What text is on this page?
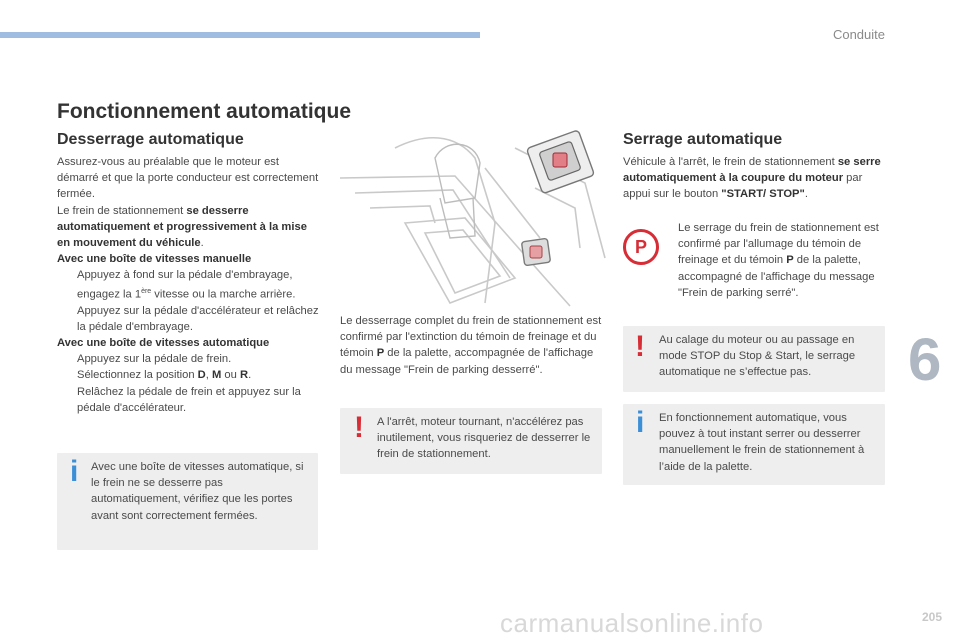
Conduite
6
205
carmanualsonline.info
Fonctionnement automatique
Desserrage automatique
Assurez-vous au préalable que le moteur est démarré et que la porte conducteur est correctement fermée.
Le frein de stationnement se desserre automatiquement et progressivement à la mise en mouvement du véhicule.
Avec une boîte de vitesses manuelle
Appuyez à fond sur la pédale d'embrayage, engagez la 1ère vitesse ou la marche arrière.
Appuyez sur la pédale d'accélérateur et relâchez la pédale d'embrayage.
Avec une boîte de vitesses automatique
Appuyez sur la pédale de frein.
Sélectionnez la position D, M ou R.
Relâchez la pédale de frein et appuyez sur la pédale d'accélérateur.
i Avec une boîte de vitesses automatique, si le frein ne se desserre pas automatiquement, vérifiez que les portes avant sont correctement fermées.
Le desserrage complet du frein de stationnement est confirmé par l'extinction du témoin de freinage et du témoin P de la palette, accompagnée de l'affichage du message "Frein de parking desserré".
! A l'arrêt, moteur tournant, n'accélérez pas inutilement, vous risqueriez de desserrer le frein de stationnement.
Serrage automatique
Véhicule à l'arrêt, le frein de stationnement se serre automatiquement à la coupure du moteur par appui sur le bouton "START/ STOP".
P
Le serrage du frein de stationnement est confirmé par l'allumage du témoin de freinage et du témoin P de la palette, accompagné de l'affichage du message "Frein de parking serré".
! Au calage du moteur ou au passage en mode STOP du Stop & Start, le serrage automatique ne s’effectue pas.
i En fonctionnement automatique, vous pouvez à tout instant serrer ou desserrer manuellement le frein de stationnement à l’aide de la palette.
